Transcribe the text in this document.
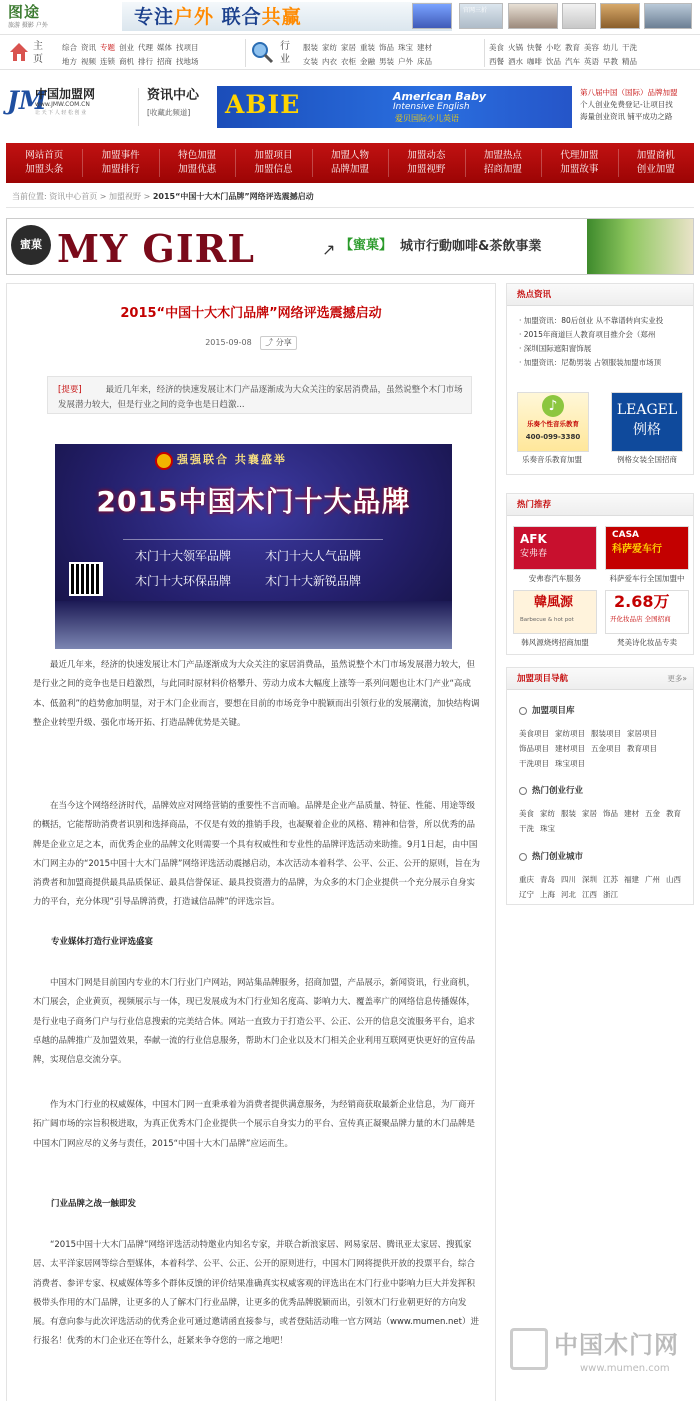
图途
旅游 摄影 户外	专注户外 联合共赢	官网三折
主页
综合 资讯 专题 创业 代理 媒体 找项目
地方 视频 连锁 商机 排行 招商 找地场
行业
服装 家纺 家居 重装 饰品 珠宝 建材
女装 内衣 衣柜 金融 男装 户外 床品
美食 火锅 快餐 小吃 教育 美容 幼儿 干洗
西餐 酒水 咖啡 饮品 汽车 英语 早教 精品
JM
中国加盟网
www.JMW.COM.CN
让 天 下 人 轻 松 创 业
资讯中心
[收藏此频道]	ABIE	American Baby
Intensive English
爱贝国际少儿英语
第八届中国（国际）品牌加盟
个人创业免费登记-让项目找
海量创业资讯 铺平成功之路
网站首页
加盟头条
加盟事件
加盟排行
特色加盟
加盟优惠
加盟项目
加盟信息
加盟人物
品牌加盟
加盟动态
加盟视野
加盟热点
招商加盟
代理加盟
加盟故事
加盟商机
创业加盟
当前位置: 资讯中心首页 > 加盟视野 > 2015“中国十大木门品牌”网络评选震撼启动
蜜菓 MY GIRL	↗ 【蜜菓】 城市行動咖啡&茶飲事業
2015“中国十大木门品牌”网络评选震撼启动
2015-09-08 ⤴ 分享
[提要]	最近几年来，经济的快速发展让木门产品逐渐成为大众关注的家居消费品，虽然说整个木门市场发展潜力较大，但是行业之间的竞争也是日趋激...
强强联合 共襄盛举
2015中国木门十大品牌
木门十大领军品牌	木门十大人气品牌
木门十大环保品牌	木门十大新锐品牌
最近几年来，经济的快速发展让木门产品逐渐成为大众关注的家居消费品，虽然说整个木门市场发展潜力较大，但是行业之间的竞争也是日趋激烈，与此同时原材料价格攀升、劳动力成本大幅度上涨等一系列问题也让木门产业“高成本、低盈利”的趋势愈加明显，对于木门企业而言，要想在目前的市场竞争中脱颖而出引领行业的发展潮流，加快结构调整企业转型升级、强化市场开拓、打造品牌优势是关键。
在当今这个网络经济时代，品牌效应对网络营销的重要性不言而喻。品牌是企业产品质量、特征、性能、用途等级的概括，它能帮助消费者识别和选择商品，不仅是有效的推销手段，也凝聚着企业的风格、精神和信誉，所以优秀的品牌是企业立足之本，而优秀企业的品牌文化则需要一个具有权威性和专业性的品牌评选活动来助推。9月1日起，由中国木门网主办的“2015中国十大木门品牌”网络评选活动震撼启动，本次活动本着科学、公平、公正、公开的原则，旨在为消费者和加盟商提供最具品质保证、最具信誉保证、最具投资潜力的品牌，为众多的木门企业提供一个充分展示自身实力的平台，充分体现“引导品牌消费，打造诚信品牌”的评选宗旨。
专业媒体打造行业评选盛宴
中国木门网是目前国内专业的木门行业门户网站，网站集品牌服务，招商加盟，产品展示，新闻资讯，行业商机，木门展会，企业黄页，视频展示与一体，现已发展成为木门行业知名度高、影响力大、覆盖率广的网络信息传播媒体，是行业电子商务门户与行业信息搜索的完美结合体。网站一直致力于打造公平、公正、公开的信息交流服务平台，追求卓越的品牌推广及加盟效果，奉献一流的行业信息服务，帮助木门企业以及木门相关企业利用互联网更快更好的宣传品牌，实现信息交流分享。
作为木门行业的权威媒体，中国木门网一直秉承着为消费者提供满意服务，为经销商获取最新企业信息，为厂商开拓广阔市场的宗旨积极进取，为真正优秀木门企业提供一个展示自身实力的平台、宣传真正凝聚品牌力量的木门品牌是中国木门网应尽的义务与责任，2015“中国十大木门品牌”应运而生。
门业品牌之战一触即发
“2015中国十大木门品牌”网络评选活动特邀业内知名专家，并联合新浪家居、网易家居、腾讯亚太家居、搜狐家居、太平洋家居网等综合型媒体，本着科学、公平、公正、公开的原则进行，中国木门网将提供开放的投票平台，综合消费者、参评专家、权威媒体等多个群体反馈的评价结果准确真实权威客观的评选出在木门行业中影响力巨大并发挥积极带头作用的木门品牌，让更多的人了解木门行业品牌，让更多的优秀品牌脱颖而出，引领木门行业朝更好的方向发展。有意向参与此次评选活动的优秀企业可通过邀请函直接参与，或者登陆活动唯一官方网站（www.mumen.net）进行报名！优秀的木门企业还在等什么，赶紧来争夺您的一席之地吧！
热点资讯
· 加盟资讯：80后创业 从不靠谱转向实业投
· 2015年商道巨人教育项目推介会（郑州
· 深圳国际遮阳窗饰展
· 加盟资讯：尼勒男装 占领服装加盟市场顶
♪
乐奏个性音乐教育
400-099-3380
乐奏音乐教育加盟
LEAGEL
例格
例格女装全国招商
热门推荐
AFK
安弗春
安弗春汽车服务
CASA
科萨爱车行
科萨爱车行全国加盟中
韓風源
Barbecue & hot pot
韩风源烧烤招商加盟
2.68万
开化妆品店 全国招商
梵美诗化妆品专卖
加盟项目导航	更多»
加盟项目库
美食项目 家纺项目 服装项目 家居项目饰品项目 建材项目 五金项目 教育项目干洗项目 珠宝项目
热门创业行业
美食 家纺 服装 家居 饰品 建材 五金 教育干洗 珠宝
热门创业城市
重庆 青岛 四川 深圳 江苏 福建 广州 山西辽宁 上海 河北 江西 浙江
中国木门网
www.mumen.com
